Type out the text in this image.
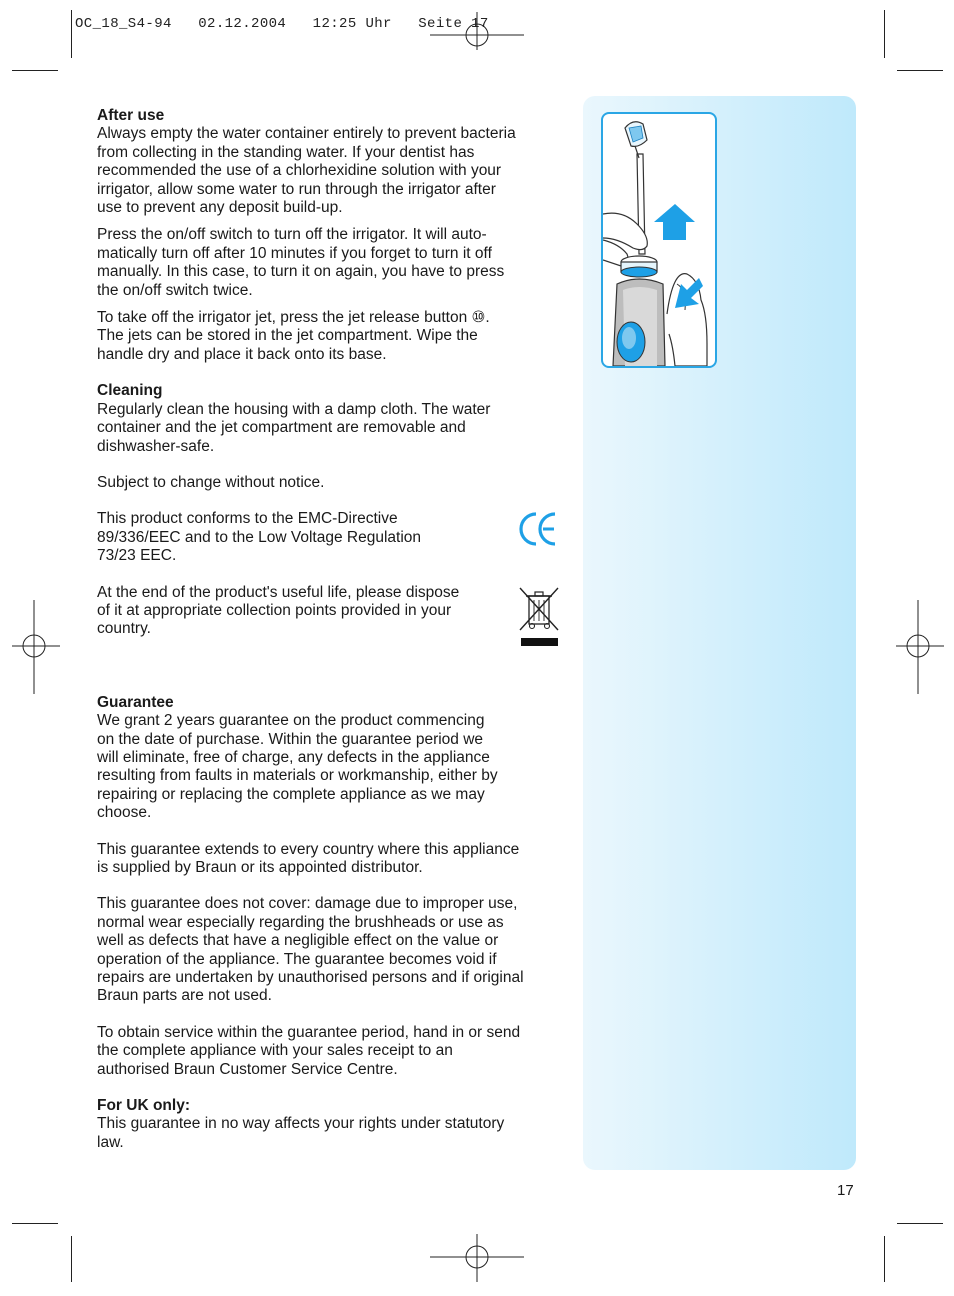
OC_18_S4-94   02.12.2004   12:25 Uhr   Seite 17

After use

Always empty the water container entirely to prevent bacteria
from collecting in the standing water. If your dentist has
recommended the use of a chlorhexidine solution with your
irrigator, allow some water to run through the irrigator after
use to prevent any deposit build-up.

Press the on/off switch to turn off the irrigator. It will auto-
matically turn off after 10 minutes if you forget to turn it off
manually. In this case, to turn it on again, you have to press
the on/off switch twice.

To take off the irrigator jet, press the jet release button ⑩.
The jets can be stored in the jet compartment. Wipe the
handle dry and place it back onto its base.

Cleaning

Regularly clean the housing with a damp cloth. The water
container and the jet compartment are removable and
dishwasher-safe.

Subject to change without notice.

This product conforms to the EMC-Directive
89/336/EEC and to the Low Voltage Regulation
73/23 EEC.

At the end of the product's useful life, please dispose
of it at appropriate collection points provided in your
country.

Guarantee

We grant 2 years guarantee on the product commencing
on the date of purchase. Within the guarantee period we
will eliminate, free of charge, any defects in the appliance
resulting from faults in materials or workmanship, either by
repairing or replacing the complete appliance as we may
choose.

This guarantee extends to every country where this appliance
is supplied by Braun or its appointed distributor.

This guarantee does not cover: damage due to improper use,
normal wear especially regarding the brushheads or use as
well as defects that have a negligible effect on the value or
operation of the appliance. The guarantee becomes void if
repairs are undertaken by unauthorised persons and if original
Braun parts are not used.

To obtain service within the guarantee period, hand in or send
the complete appliance with your sales receipt to an
authorised Braun Customer Service Centre.

For UK only:

This guarantee in no way affects your rights under statutory
law.

17
